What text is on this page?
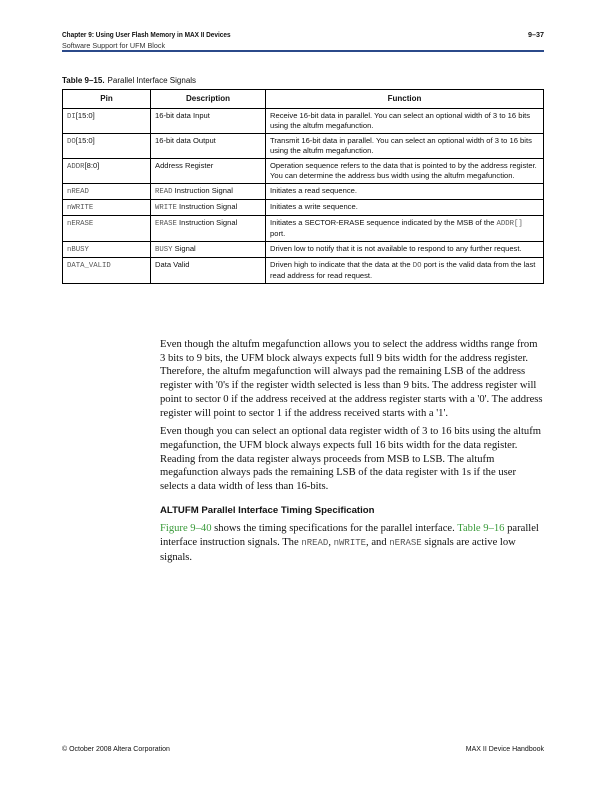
Chapter 9: Using User Flash Memory in MAX II Devices	9–37
Software Support for UFM Block
Table 9–15. Parallel Interface Signals
Pin	Description	Function
DI[15:0]	16-bit data Input	Receive 16-bit data in parallel. You can select an optional width of 3 to 16 bits using the altufm megafunction.
DO[15:0]	16-bit data Output	Transmit 16-bit data in parallel. You can select an optional width of 3 to 16 bits using the altufm megafunction.
ADDR[8:0]	Address Register	Operation sequence refers to the data that is pointed to by the address register. You can determine the address bus width using the altufm megafunction.
nREAD	READ Instruction Signal	Initiates a read sequence.
nWRITE	WRITE Instruction Signal	Initiates a write sequence.
nERASE	ERASE Instruction Signal	Initiates a SECTOR-ERASE sequence indicated by the MSB of the ADDR[] port.
nBUSY	BUSY Signal	Driven low to notify that it is not available to respond to any further request.
DATA_VALID	Data Valid	Driven high to indicate that the data at the DO port is the valid data from the last read address for read request.

Even though the altufm megafunction allows you to select the address widths range from 3 bits to 9 bits, the UFM block always expects full 9 bits width for the address register. Therefore, the altufm megafunction will always pad the remaining LSB of the address register with '0's if the register width selected is less than 9 bits. The address register will point to sector 0 if the address received at the address register starts with a '0'. The address register will point to sector 1 if the address received starts with a '1'.

Even though you can select an optional data register width of 3 to 16 bits using the altufm megafunction, the UFM block always expects full 16 bits width for the data register. Reading from the data register always proceeds from MSB to LSB. The altufm megafunction always pads the remaining LSB of the data register with 1s if the user selects a data width of less than 16-bits.

ALTUFM Parallel Interface Timing Specification

Figure 9–40 shows the timing specifications for the parallel interface. Table 9–16 parallel interface instruction signals. The nREAD, nWRITE, and nERASE signals are active low signals.

© October 2008 Altera Corporation	MAX II Device Handbook
